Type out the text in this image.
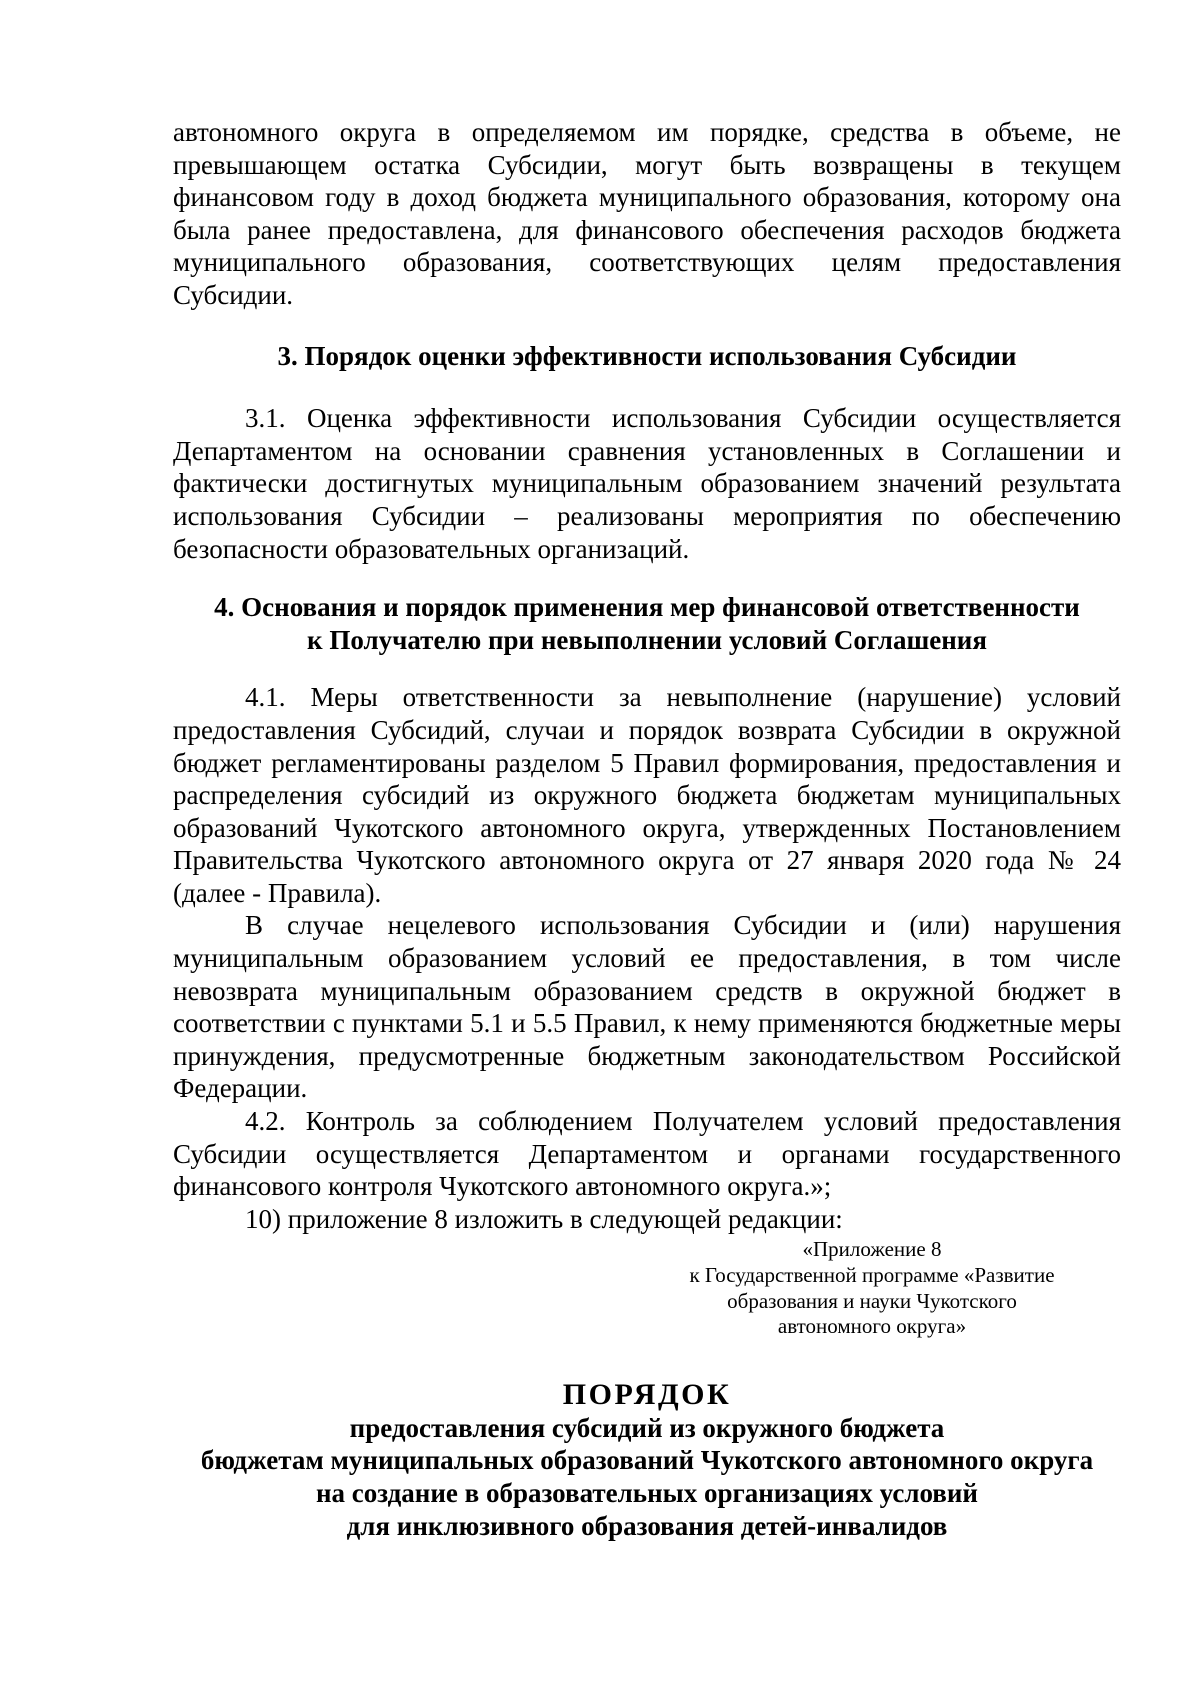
автономного округа в определяемом им порядке, средства в объеме, не превышающем остатка Субсидии, могут быть возвращены в текущем финансовом году в доход бюджета муниципального образования, которому она была ранее предоставлена, для финансового обеспечения расходов бюджета муниципального образования, соответствующих целям предоставления Субсидии.

3. Порядок оценки эффективности использования Субсидии

3.1. Оценка эффективности использования Субсидии осуществляется Департаментом на основании сравнения установленных в Соглашении и фактически достигнутых муниципальным образованием значений результата использования Субсидии – реализованы мероприятия по обеспечению безопасности образовательных организаций.

4. Основания и порядок применения мер финансовой ответственности
к Получателю при невыполнении условий Соглашения

4.1. Меры ответственности за невыполнение (нарушение) условий предоставления Субсидий, случаи и порядок возврата Субсидии в окружной бюджет регламентированы разделом 5 Правил формирования, предоставления и распределения субсидий из окружного бюджета бюджетам муниципальных образований Чукотского автономного округа, утвержденных Постановлением Правительства Чукотского автономного округа от 27 января 2020 года № 24 (далее - Правила).

В случае нецелевого использования Субсидии и (или) нарушения муниципальным образованием условий ее предоставления, в том числе невозврата муниципальным образованием средств в окружной бюджет в соответствии с пунктами 5.1 и 5.5 Правил, к нему применяются бюджетные меры принуждения, предусмотренные бюджетным законодательством Российской Федерации.

4.2. Контроль за соблюдением Получателем условий предоставления Субсидии осуществляется Департаментом и органами государственного финансового контроля Чукотского автономного округа.»;

10) приложение 8 изложить в следующей редакции:

«Приложение 8
к Государственной программе «Развитие
образования и науки Чукотского
автономного округа»
ПОРЯДОК
предоставления субсидий из окружного бюджета
бюджетам муниципальных образований Чукотского автономного округа
на создание в образовательных организациях условий
для инклюзивного образования детей-инвалидов
